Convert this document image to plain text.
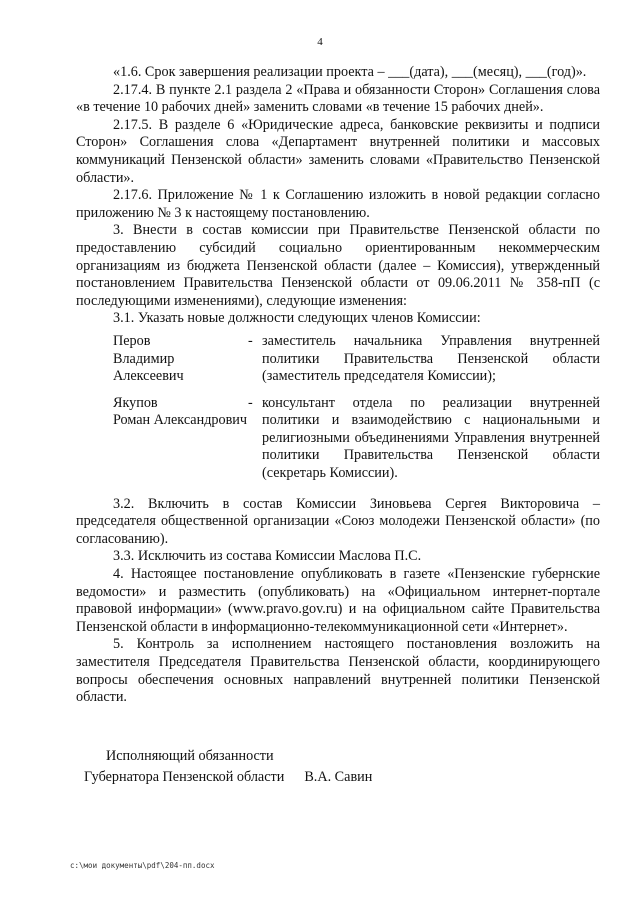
4

«1.6. Срок завершения реализации проекта – ___(дата), ___(месяц), ___(год)».

2.17.4. В пункте 2.1 раздела 2 «Права и обязанности Сторон» Соглашения слова «в течение 10 рабочих дней» заменить словами «в течение 15 рабочих дней».

2.17.5. В разделе 6 «Юридические адреса, банковские реквизиты и подписи Сторон» Соглашения слова «Департамент внутренней политики и массовых коммуникаций Пензенской области» заменить словами «Правительство Пензенской области».

2.17.6. Приложение № 1 к Соглашению изложить в новой редакции согласно приложению № 3 к настоящему постановлению.

3. Внести в состав комиссии при Правительстве Пензенской области по предоставлению субсидий социально ориентированным некоммерческим организациям из бюджета Пензенской области (далее – Комиссия), утвержденный постановлением Правительства Пензенской области от 09.06.2011 № 358-пП (с последующими изменениями), следующие изменения:

3.1. Указать новые должности следующих членов Комиссии:

Перов
Владимир Алексеевич
- заместитель начальника Управления внутренней политики Правительства Пензенской области (заместитель председателя Комиссии);
Якупов
Роман Александрович
- консультант отдела по реализации внутренней политики и взаимодействию с национальными и религиозными объединениями Управления внутренней политики Правительства Пензенской области (секретарь Комиссии).

3.2. Включить в состав Комиссии Зиновьева Сергея Викторовича – председателя общественной организации «Союз молодежи Пензенской области» (по согласованию).

3.3. Исключить из состава Комиссии Маслова П.С.

4. Настоящее постановление опубликовать в газете «Пензенские губернские ведомости» и разместить (опубликовать) на «Официальном интернет-портале правовой информации» (www.pravo.gov.ru) и на официальном сайте Правительства Пензенской области в информационно-телекоммуникационной сети «Интернет».

5. Контроль за исполнением настоящего постановления возложить на заместителя Председателя Правительства Пензенской области, координирующего вопросы обеспечения основных направлений внутренней политики Пензенской области.

Исполняющий обязанности
Губернатора Пензенской области В.А. Савин
c:\мои документы\pdf\204-пп.docx
